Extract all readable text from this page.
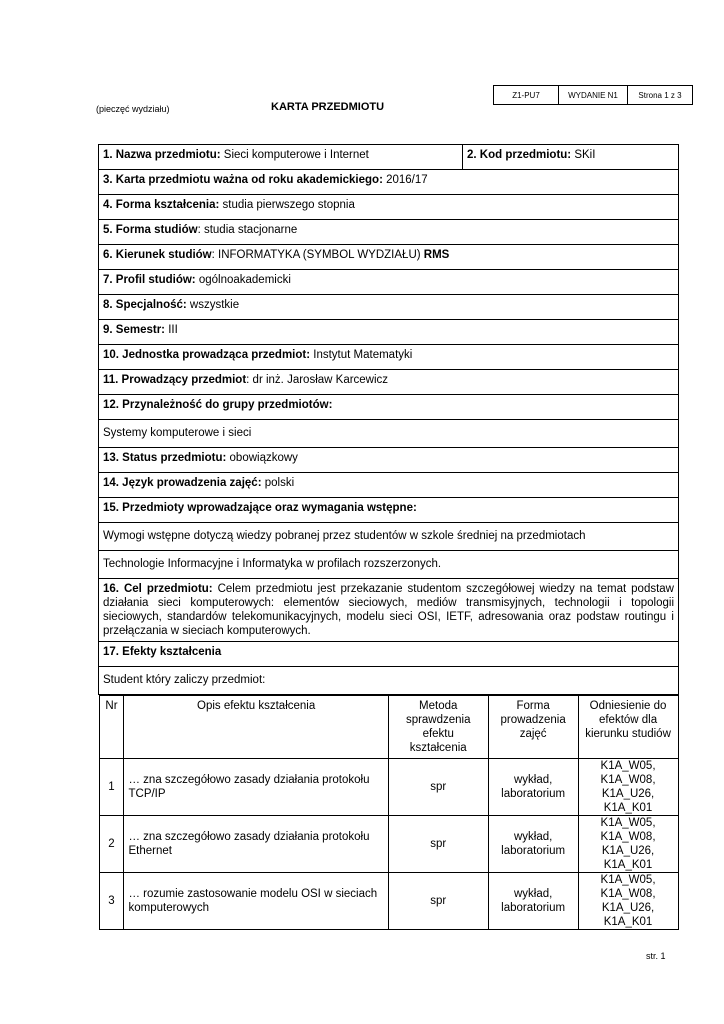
Z1-PU7	WYDANIE N1	Strona 1 z 3
(pieczęć wydziału)	KARTA PRZEDMIOTU
1. Nazwa przedmiotu: Sieci komputerowe i Internet	2. Kod przedmiotu: SKiI
3. Karta przedmiotu ważna od roku akademickiego: 2016/17
4. Forma kształcenia: studia pierwszego stopnia
5. Forma studiów: studia stacjonarne
6. Kierunek studiów: INFORMATYKA (SYMBOL WYDZIAŁU) RMS
7. Profil studiów: ogólnoakademicki
8. Specjalność: wszystkie
9. Semestr: III
10. Jednostka prowadząca przedmiot: Instytut Matematyki
11. Prowadzący przedmiot: dr inż. Jarosław Karcewicz
12. Przynależność do grupy przedmiotów:
Systemy komputerowe i sieci
13. Status przedmiotu: obowiązkowy
14. Język prowadzenia zajęć: polski
15. Przedmioty wprowadzające oraz wymagania wstępne:
Wymogi wstępne dotyczą wiedzy pobranej przez studentów w szkole średniej na przedmiotach
Technologie Informacyjne i Informatyka w profilach rozszerzonych.
16. Cel przedmiotu: Celem przedmiotu jest przekazanie studentom szczegółowej wiedzy na temat podstaw działania sieci komputerowych: elementów sieciowych, mediów transmisyjnych, technologii i topologii sieciowych, standardów telekomunikacyjnych, modelu sieci OSI, IETF, adresowania oraz podstaw routingu i przełączania w sieciach komputerowych.
17. Efekty kształcenia
Student który zaliczy przedmiot:

Nr	Opis efektu kształcenia	Metoda sprawdzenia efektu kształcenia	Forma prowadzenia zajęć	Odniesienie do efektów dla kierunku studiów
1	… zna szczegółowo zasady działania protokołu TCP/IP	spr	wykład, laboratorium	K1A_W05, K1A_W08, K1A_U26, K1A_K01
2	… zna szczegółowo zasady działania protokołu Ethernet	spr	wykład, laboratorium	K1A_W05, K1A_W08, K1A_U26, K1A_K01
3	… rozumie zastosowanie modelu OSI w sieciach komputerowych	spr	wykład, laboratorium	K1A_W05, K1A_W08, K1A_U26, K1A_K01
str. 1
